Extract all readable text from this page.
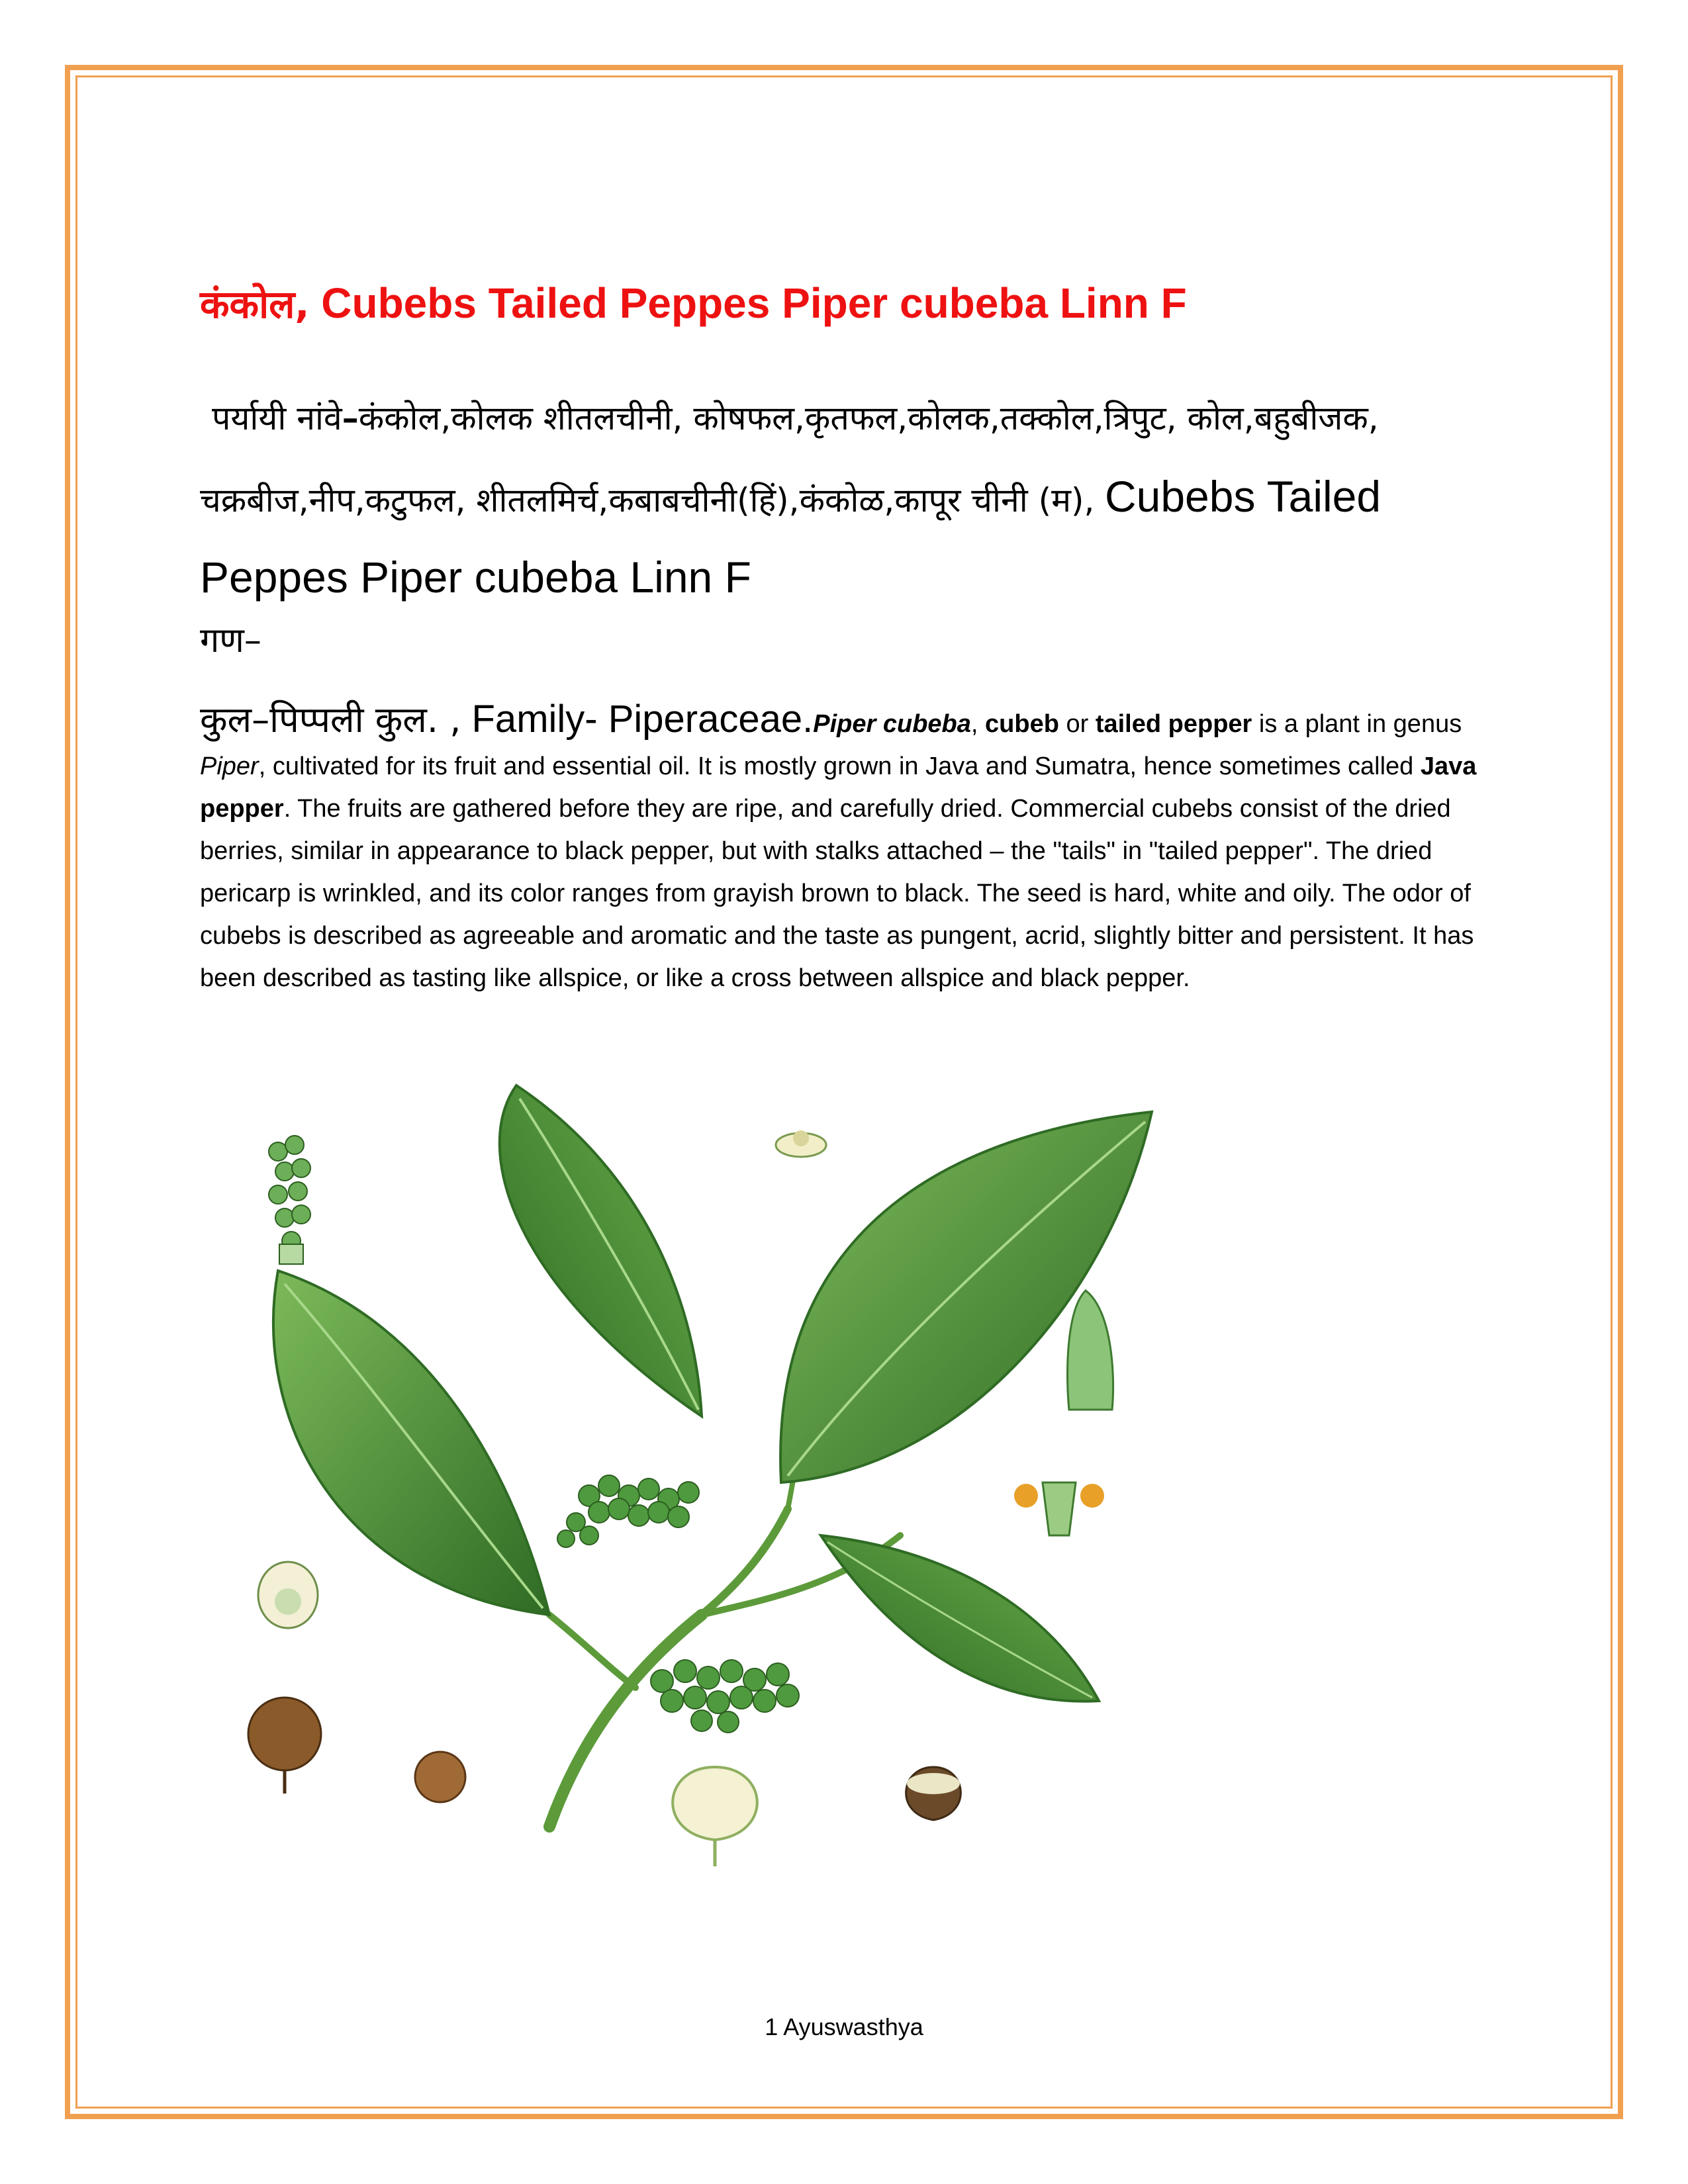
कंकोल, Cubebs Tailed Peppes Piper cubeba Linn F
पर्यायी नांवे–कंकोल,कोलक शीतलचीनी, कोषफल,कृतफल,कोलक,तक्कोल,त्रिपुट, कोल,बहुबीजक,
चक्रबीज,नीप,कटुफल, शीतलमिर्च,कबाबचीनी(हिं),कंकोळ,कापूर चीनी (म), Cubebs Tailed
Peppes Piper cubeba Linn F
गण–
कुल–पिप्पली कुल. , Family- Piperaceae.Piper cubeba, cubeb or tailed pepper is a plant in genus Piper, cultivated for its fruit and essential oil. It is mostly grown in Java and Sumatra, hence sometimes called Java pepper. The fruits are gathered before they are ripe, and carefully dried. Commercial cubebs consist of the dried berries, similar in appearance to black pepper, but with stalks attached – the "tails" in "tailed pepper". The dried pericarp is wrinkled, and its color ranges from grayish brown to black. The seed is hard, white and oily. The odor of cubebs is described as agreeable and aromatic and the taste as pungent, acrid, slightly bitter and persistent. It has been described as tasting like allspice, or like a cross between allspice and black pepper.
1 Ayuswasthya
